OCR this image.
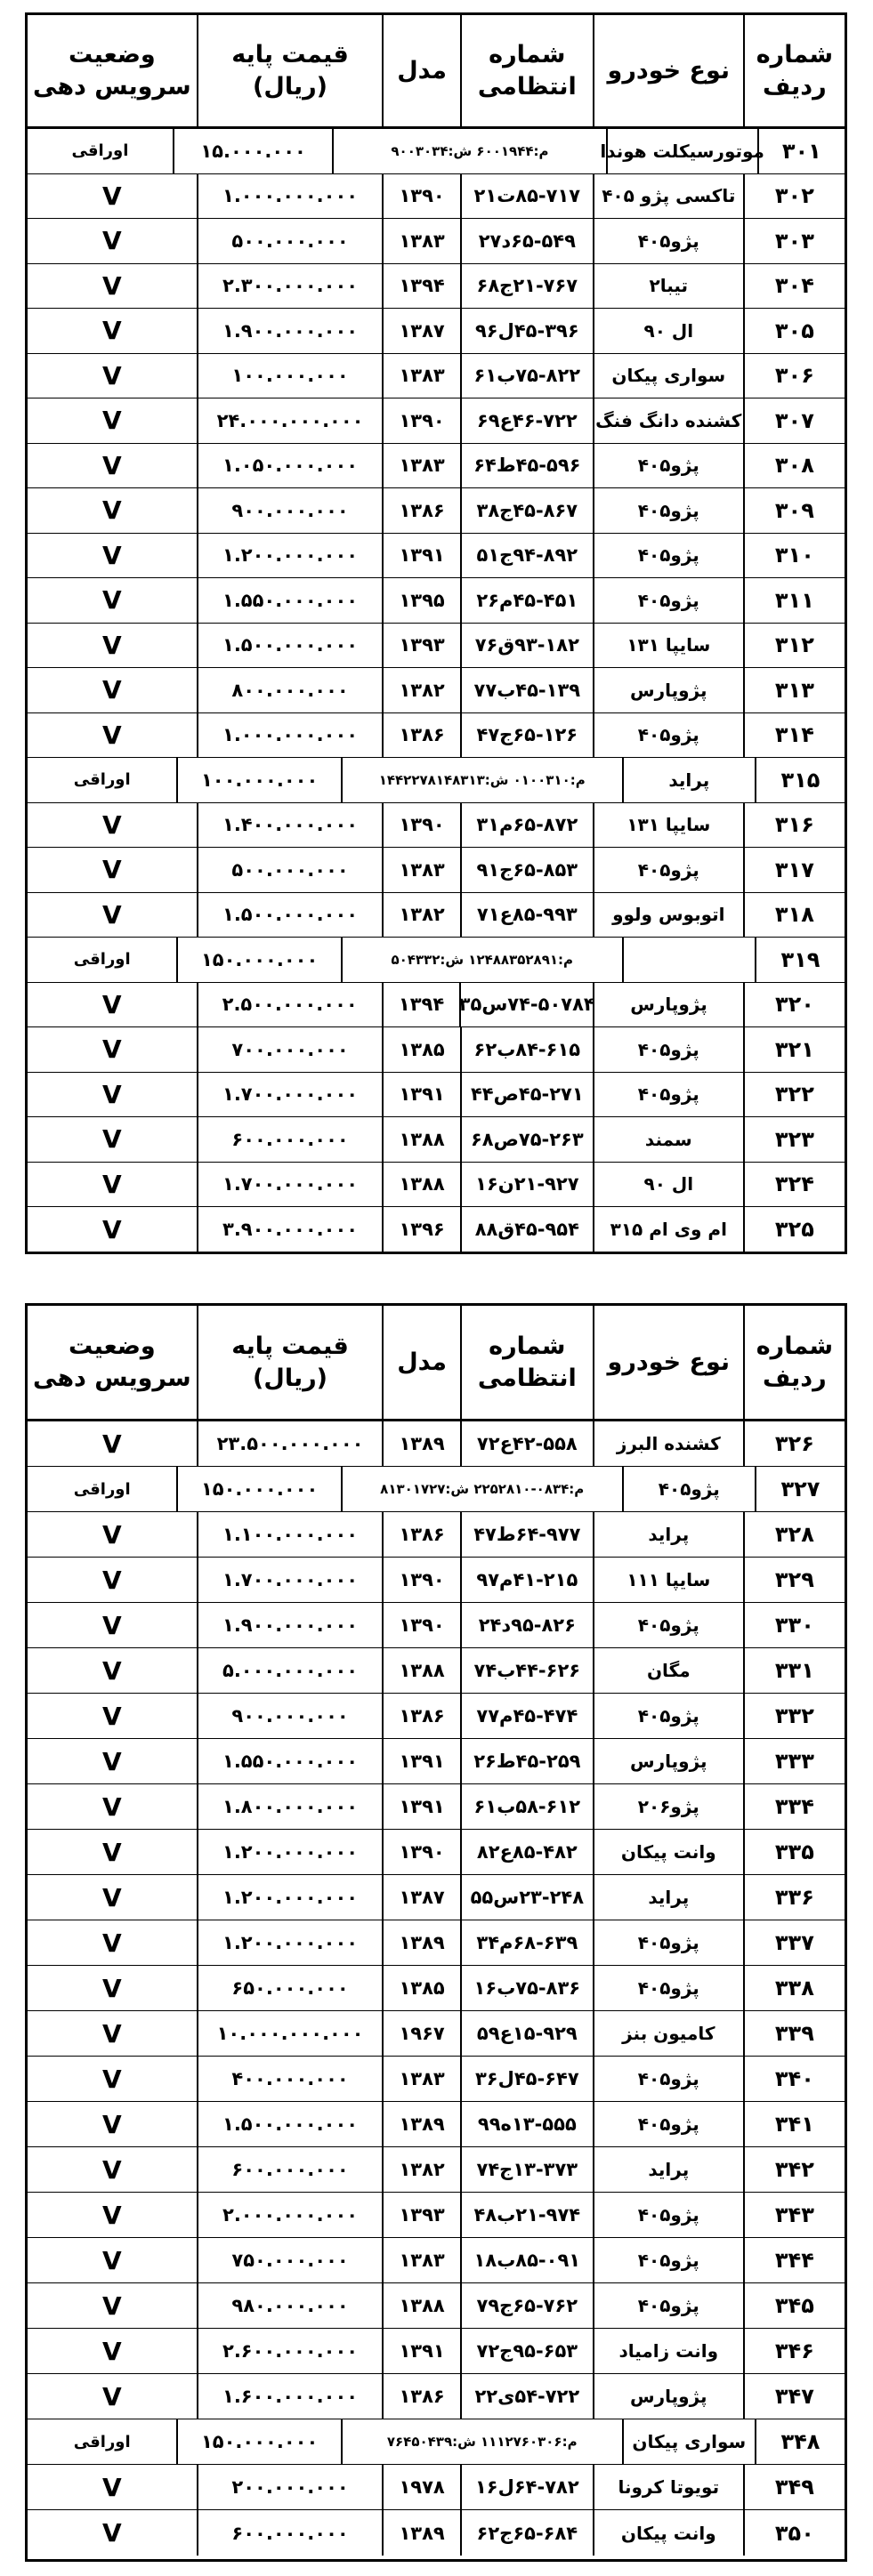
شماره ردیف
نوع خودرو
شماره انتظامی
مدل
قیمت پایه (ریال)
وضعیت سرویس دهی
۳۰۱
موتورسیکلت هوندا
م:۶۰۰۱۹۴۴ ش:۹۰۰۳۰۳۴
۱۵.۰۰۰.۰۰۰
اوراقی
۳۰۲
تاکسی پژو ۴۰۵
۸۵-۷۱۷ت۲۱
۱۳۹۰
۱.۰۰۰.۰۰۰.۰۰۰
V
۳۰۳
پژو۴۰۵
۶۵-۵۴۹د۲۷
۱۳۸۳
۵۰۰.۰۰۰.۰۰۰
V
۳۰۴
تیبا۲
۲۱-۷۶۷ج۶۸
۱۳۹۴
۲.۳۰۰.۰۰۰.۰۰۰
V
۳۰۵
ال ۹۰
۴۵-۳۹۶ل۹۶
۱۳۸۷
۱.۹۰۰.۰۰۰.۰۰۰
V
۳۰۶
سواری پیکان
۷۵-۸۲۲ب۶۱
۱۳۸۳
۱۰۰.۰۰۰.۰۰۰
V
۳۰۷
کشنده دانگ فنگ
۴۶-۷۲۲ع۶۹
۱۳۹۰
۲۴.۰۰۰.۰۰۰.۰۰۰
V
۳۰۸
پژو۴۰۵
۴۵-۵۹۶ط۶۴
۱۳۸۳
۱.۰۵۰.۰۰۰.۰۰۰
V
۳۰۹
پژو۴۰۵
۴۵-۸۶۷ج۳۸
۱۳۸۶
۹۰۰.۰۰۰.۰۰۰
V
۳۱۰
پژو۴۰۵
۹۴-۸۹۲ج۵۱
۱۳۹۱
۱.۲۰۰.۰۰۰.۰۰۰
V
۳۱۱
پژو۴۰۵
۴۵-۴۵۱م۲۶
۱۳۹۵
۱.۵۵۰.۰۰۰.۰۰۰
V
۳۱۲
سایپا ۱۳۱
۹۳-۱۸۲ق۷۶
۱۳۹۳
۱.۵۰۰.۰۰۰.۰۰۰
V
۳۱۳
پژوپارس
۴۵-۱۳۹ب۷۷
۱۳۸۲
۸۰۰.۰۰۰.۰۰۰
V
۳۱۴
پژو۴۰۵
۶۵-۱۲۶ج۴۷
۱۳۸۶
۱.۰۰۰.۰۰۰.۰۰۰
V
۳۱۵
پراید
م:۰۱۰۰۳۱۰ ش:۱۴۴۲۲۷۸۱۴۸۳۱۳
۱۰۰.۰۰۰.۰۰۰
اوراقی
۳۱۶
سایپا ۱۳۱
۶۵-۸۷۲م۳۱
۱۳۹۰
۱.۴۰۰.۰۰۰.۰۰۰
V
۳۱۷
پژو۴۰۵
۶۵-۸۵۳ج۹۱
۱۳۸۳
۵۰۰.۰۰۰.۰۰۰
V
۳۱۸
اتوبوس ولوو
۸۵-۹۹۳ع۷۱
۱۳۸۲
۱.۵۰۰.۰۰۰.۰۰۰
V
۳۱۹
م:۱۲۴۸۸۳۵۲۸۹۱ ش:۵۰۴۳۳۲
۱۵۰.۰۰۰.۰۰۰
اوراقی
۳۲۰
پژوپارس
۷۴-۵۰۷۸۴س۳۵
۱۳۹۴
۲.۵۰۰.۰۰۰.۰۰۰
V
۳۲۱
پژو۴۰۵
۸۴-۶۱۵ب۶۲
۱۳۸۵
۷۰۰.۰۰۰.۰۰۰
V
۳۲۲
پژو۴۰۵
۴۵-۲۷۱ص۴۴
۱۳۹۱
۱.۷۰۰.۰۰۰.۰۰۰
V
۳۲۳
سمند
۷۵-۲۶۳ص۶۸
۱۳۸۸
۶۰۰.۰۰۰.۰۰۰
V
۳۲۴
ال ۹۰
۲۱-۹۲۷ن۱۶
۱۳۸۸
۱.۷۰۰.۰۰۰.۰۰۰
V
۳۲۵
ام وی ام ۳۱۵
۴۵-۹۵۴ق۸۸
۱۳۹۶
۳.۹۰۰.۰۰۰.۰۰۰
V
شماره ردیف
نوع خودرو
شماره انتظامی
مدل
قیمت پایه (ریال)
وضعیت سرویس دهی
۳۲۶
کشنده البرز
۴۲-۵۵۸ع۷۲
۱۳۸۹
۲۳.۵۰۰.۰۰۰.۰۰۰
V
۳۲۷
پژو۴۰۵
م:۰۸۳۴-۲۲۵۲۸۱۰ ش:۸۱۳۰۱۷۲۷
۱۵۰.۰۰۰.۰۰۰
اوراقی
۳۲۸
پراید
۶۴-۹۷۷ط۴۷
۱۳۸۶
۱.۱۰۰.۰۰۰.۰۰۰
V
۳۲۹
سایپا ۱۱۱
۴۱-۲۱۵م۹۷
۱۳۹۰
۱.۷۰۰.۰۰۰.۰۰۰
V
۳۳۰
پژو۴۰۵
۹۵-۸۲۶د۲۴
۱۳۹۰
۱.۹۰۰.۰۰۰.۰۰۰
V
۳۳۱
مگان
۴۴-۶۲۶ب۷۴
۱۳۸۸
۵.۰۰۰.۰۰۰.۰۰۰
V
۳۳۲
پژو۴۰۵
۴۵-۴۷۴م۷۷
۱۳۸۶
۹۰۰.۰۰۰.۰۰۰
V
۳۳۳
پژوپارس
۴۵-۲۵۹ط۲۶
۱۳۹۱
۱.۵۵۰.۰۰۰.۰۰۰
V
۳۳۴
پژو۲۰۶
۵۸-۶۱۲ب۶۱
۱۳۹۱
۱.۸۰۰.۰۰۰.۰۰۰
V
۳۳۵
وانت پیکان
۸۵-۴۸۲ع۸۲
۱۳۹۰
۱.۲۰۰.۰۰۰.۰۰۰
V
۳۳۶
پراید
۲۳-۲۴۸س۵۵
۱۳۸۷
۱.۲۰۰.۰۰۰.۰۰۰
V
۳۳۷
پژو۴۰۵
۶۸-۶۳۹م۳۴
۱۳۸۹
۱.۲۰۰.۰۰۰.۰۰۰
V
۳۳۸
پژو۴۰۵
۷۵-۸۳۶ب۱۶
۱۳۸۵
۶۵۰.۰۰۰.۰۰۰
V
۳۳۹
کامیون بنز
۱۵-۹۲۹ع۵۹
۱۹۶۷
۱۰.۰۰۰.۰۰۰.۰۰۰
V
۳۴۰
پژو۴۰۵
۴۵-۶۴۷ل۳۶
۱۳۸۳
۴۰۰.۰۰۰.۰۰۰
V
۳۴۱
پژو۴۰۵
۱۳-۵۵۵ه۹۹
۱۳۸۹
۱.۵۰۰.۰۰۰.۰۰۰
V
۳۴۲
پراید
۱۳-۳۷۳ج۷۴
۱۳۸۲
۶۰۰.۰۰۰.۰۰۰
V
۳۴۳
پژو۴۰۵
۲۱-۹۷۴ب۴۸
۱۳۹۳
۲.۰۰۰.۰۰۰.۰۰۰
V
۳۴۴
پژو۴۰۵
۸۵-۰۹۱ب۱۸
۱۳۸۳
۷۵۰.۰۰۰.۰۰۰
V
۳۴۵
پژو۴۰۵
۶۵-۷۶۲ج۷۹
۱۳۸۸
۹۸۰.۰۰۰.۰۰۰
V
۳۴۶
وانت زامیاد
۹۵-۶۵۳ج۷۲
۱۳۹۱
۲.۶۰۰.۰۰۰.۰۰۰
V
۳۴۷
پژوپارس
۵۴-۷۲۲ی۲۲
۱۳۸۶
۱.۶۰۰.۰۰۰.۰۰۰
V
۳۴۸
سواری پیکان
م:۱۱۱۲۷۶۰۳۰۶ ش:۷۶۴۵۰۴۳۹
۱۵۰.۰۰۰.۰۰۰
اوراقی
۳۴۹
تویوتا کرونا
۶۴-۷۸۲ل۱۶
۱۹۷۸
۲۰۰.۰۰۰.۰۰۰
V
۳۵۰
وانت پیکان
۶۵-۶۸۴ج۶۲
۱۳۸۹
۶۰۰.۰۰۰.۰۰۰
V
